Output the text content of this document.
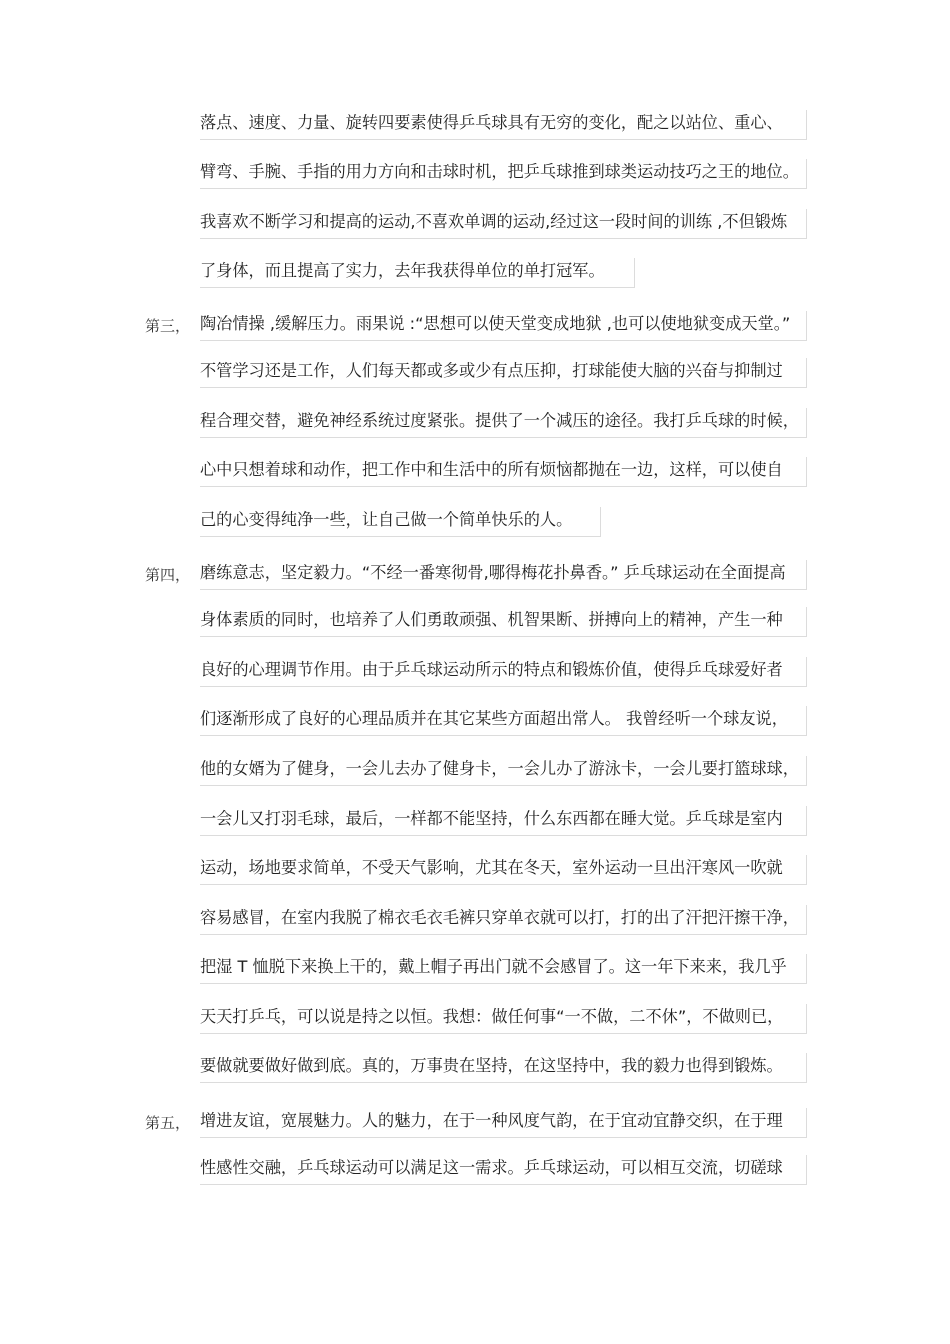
落点、速度、力量、旋转四要素使得乒乓球具有无穷的变化，配之以站位、重心、
臂弯、手腕、手指的用力方向和击球时机，把乒乓球推到球类运动技巧之王的地位。
我喜欢不断学习和提高的运动,不喜欢单调的运动,经过这一段时间的训练 ,不但锻炼
了身体，而且提高了实力，去年我获得单位的单打冠军。
第三， 陶冶情操 ,缓解压力。雨果说 :“思想可以使天堂变成地狱 ,也可以使地狱变成天堂。”
不管学习还是工作，人们每天都或多或少有点压抑，打球能使大脑的兴奋与抑制过
程合理交替，避免神经系统过度紧张。提供了一个减压的途径。我打乒乓球的时候，
心中只想着球和动作，把工作中和生活中的所有烦恼都抛在一边，这样，可以使自
己的心变得纯净一些，让自己做一个简单快乐的人。
第四， 磨练意志，坚定毅力。“不经一番寒彻骨,哪得梅花扑鼻香。” 乒乓球运动在全面提高
身体素质的同时，也培养了人们勇敢顽强、机智果断、拼搏向上的精神，产生一种
良好的心理调节作用。由于乒乓球运动所示的特点和锻炼价值，使得乒乓球爱好者
们逐渐形成了良好的心理品质并在其它某些方面超出常人。 我曾经听一个球友说，
他的女婿为了健身，一会儿去办了健身卡，一会儿办了游泳卡，一会儿要打篮球球，
一会儿又打羽毛球，最后，一样都不能坚持，什么东西都在睡大觉。乒乓球是室内
运动，场地要求简单，不受天气影响，尤其在冬天，室外运动一旦出汗寒风一吹就
容易感冒，在室内我脱了棉衣毛衣毛裤只穿单衣就可以打，打的出了汗把汗擦干净，
把湿 T 恤脱下来换上干的，戴上帽子再出门就不会感冒了。这一年下来来，我几乎
天天打乒乓，可以说是持之以恒。我想：做任何事“一不做，二不休”，不做则已，
要做就要做好做到底。真的，万事贵在坚持，在这坚持中，我的毅力也得到锻炼。
第五， 增进友谊，宽展魅力。人的魅力，在于一种风度气韵，在于宜动宜静交织，在于理
性感性交融，乒乓球运动可以满足这一需求。乒乓球运动，可以相互交流，切磋球
